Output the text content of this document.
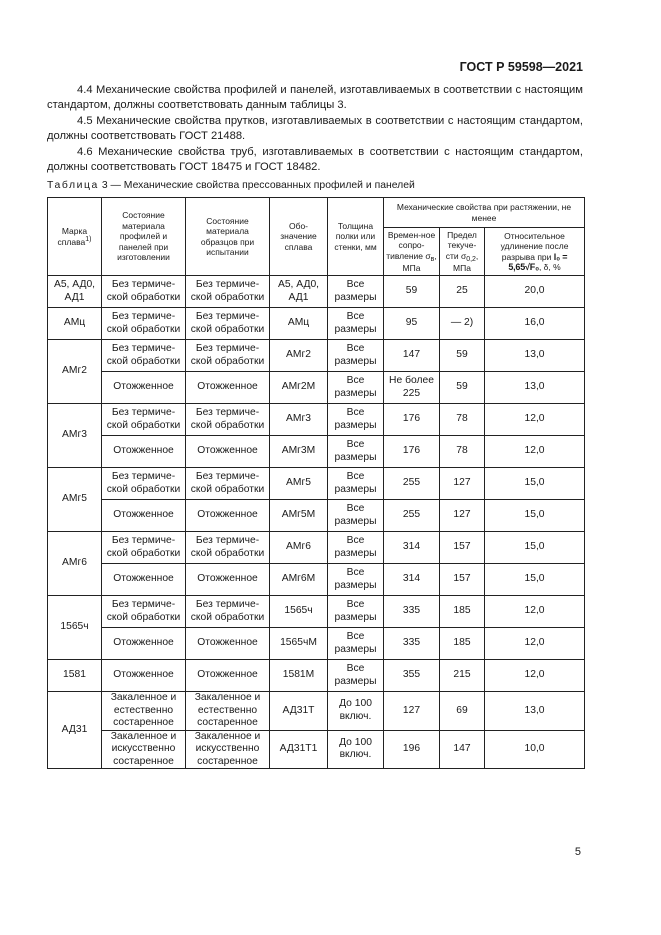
ГОСТ Р 59598—2021

4.4 Механические свойства профилей и панелей, изготавливаемых в соответствии с настоящим стандартом, должны соответствовать данным таблицы 3.

4.5 Механические свойства прутков, изготавливаемых в соответствии с настоящим стандартом, должны соответствовать ГОСТ 21488.

4.6 Механические свойства труб, изготавливаемых в соответствии с настоящим стандартом, должны соответствовать ГОСТ 18475 и ГОСТ 18482.

Таблица 3 — Механические свойства прессованных профилей и панелей
Марка сплава$^{1)}$	Состояние материала профилей и панелей при изготовлении	Состояние материала образцов при испытании	Обо-значение сплава	Толщина полки или стенки, мм	Механические свойства при растяжении, не менее		
					Времен-ное сопро-тивление $\sigma_в$, МПа	Предел текуче-сти $\sigma_{0,2}$, МПа	Относительное удлинение после разрыва при l₀ = 5,65√F₀, δ, %
А5, АД0, АД1	Без термиче-ской обработки	Без термиче-ской обработки	А5, АД0, АД1	Все размеры	59	25	20,0
АМц	Без термиче-ской обработки	Без термиче-ской обработки	АМц	Все размеры	95	— 2)	16,0
АМг2	Без термиче-ской обработки	Без термиче-ской обработки	АМг2	Все размеры	147	59	13,0
	Отожженное	Отожженное	АМг2М	Все размеры	Не более 225	59	13,0
АМг3	Без термиче-ской обработки	Без термиче-ской обработки	АМг3	Все размеры	176	78	12,0
	Отожженное	Отожженное	АМг3М	Все размеры	176	78	12,0
АМг5	Без термиче-ской обработки	Без термиче-ской обработки	АМг5	Все размеры	255	127	15,0
	Отожженное	Отожженное	АМг5М	Все размеры	255	127	15,0
АМг6	Без термиче-ской обработки	Без термиче-ской обработки	АМг6	Все размеры	314	157	15,0
	Отожженное	Отожженное	АМг6М	Все размеры	314	157	15,0
1565ч	Без термиче-ской обработки	Без термиче-ской обработки	1565ч	Все размеры	335	185	12,0
	Отожженное	Отожженное	1565чМ	Все размеры	335	185	12,0
1581	Отожженное	Отожженное	1581М	Все размеры	355	215	12,0
АД31	Закаленное и естественно состаренное	Закаленное и естественно состаренное	АД31Т	До 100 включ.	127	69	13,0
	Закаленное и искусственно состаренное	Закаленное и искусственно состаренное	АД31Т1	До 100 включ.	196	147	10,0
5
